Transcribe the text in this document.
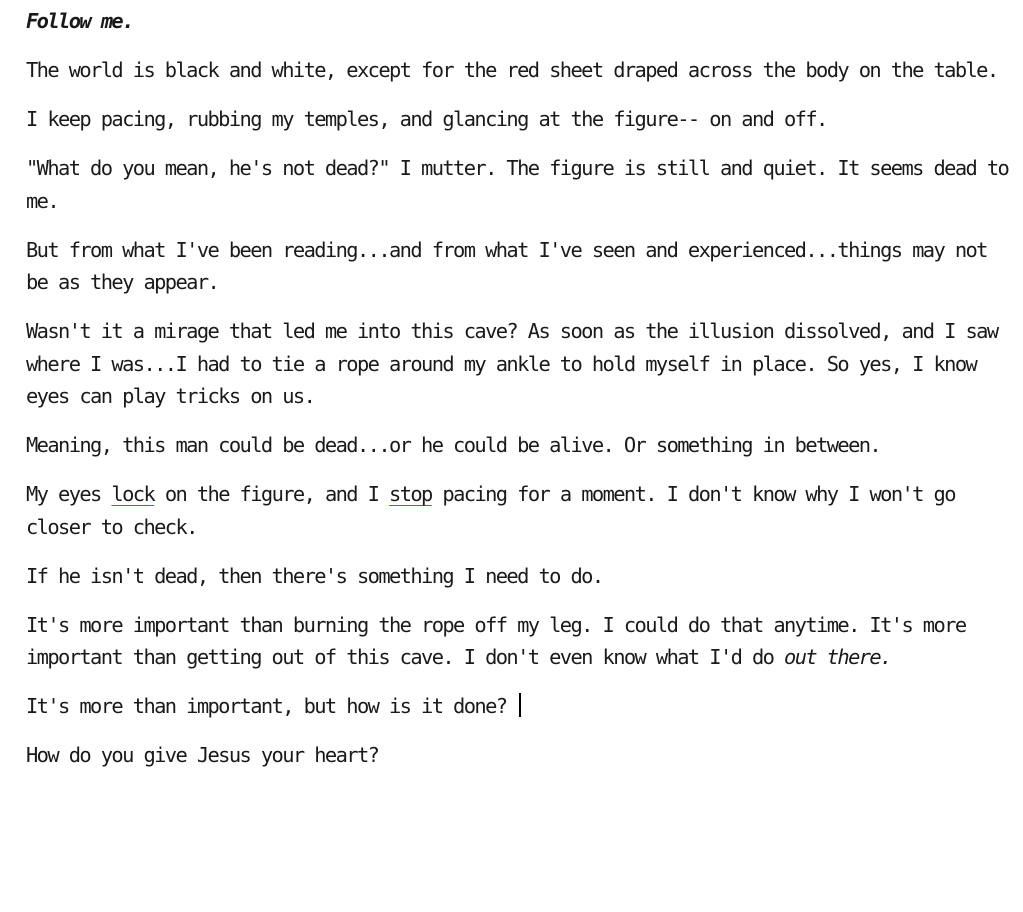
Follow me.

The world is black and white, except for the red sheet draped across the body on the table.

I keep pacing, rubbing my temples, and glancing at the figure-- on and off.

"What do you mean, he's not dead?" I mutter. The figure is still and quiet. It seems dead to me.

But from what I've been reading...and from what I've seen and experienced...things may not be as they appear.

Wasn't it a mirage that led me into this cave? As soon as the illusion dissolved, and I saw where I was...I had to tie a rope around my ankle to hold myself in place. So yes, I know eyes can play tricks on us.

Meaning, this man could be dead...or he could be alive. Or something in between.

My eyes lock on the figure, and I stop pacing for a moment. I don't know why I won't go closer to check.

If he isn't dead, then there's something I need to do.

It's more important than burning the rope off my leg. I could do that anytime. It's more important than getting out of this cave. I don't even know what I'd do out there.

It's more than important, but how is it done?

How do you give Jesus your heart?
